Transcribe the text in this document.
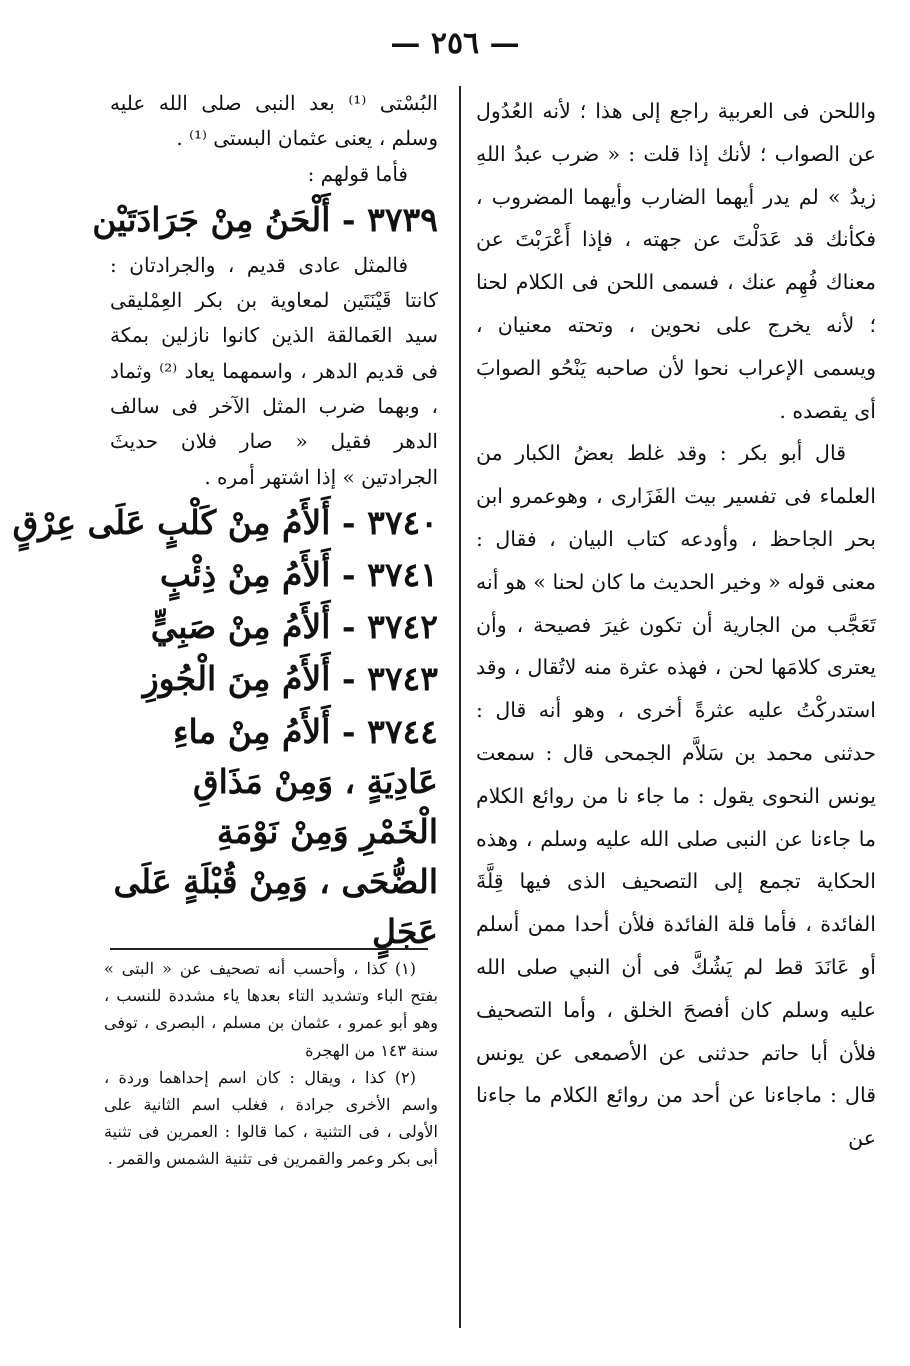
— ٢٥٦ —

واللحن فى العربية راجع إلى هذا ؛ لأنه العُدُول عن الصواب ؛ لأنك إذا قلت : « ضرب عبدُ اللهِ زيدُ » لم يدر أيهما الضارب وأيهما المضروب ، فكأنك قد عَدَلْتَ عن جهته ، فإذا أَعْرَبْتَ عن معناك فُهِم عنك ، فسمى اللحن فى الكلام لحنا ؛ لأنه يخرج على نحوين ، وتحته معنيان ، ويسمى الإعراب نحوا لأن صاحبه يَنْحُو الصوابَ أى يقصده .

قال أبو بكر : وقد غلط بعضُ الكبار من العلماء فى تفسير بيت الفَزَارى ، وهوعمرو ابن بحر الجاحظ ، وأودعه كتاب البيان ، فقال : معنى قوله « وخير الحديث ما كان لحنا » هو أنه تَعَجَّب من الجارية أن تكون غيرَ فصيحة ، وأن يعترى كلامَها لحن ، فهذه عثرة منه لاتُقال ، وقد استدركْتُ عليه عثرةً أخرى ، وهو أنه قال : حدثنى محمد بن سَلاَّم الجمحى قال : سمعت يونس النحوى يقول : ما جاء نا من روائع الكلام ما جاءنا عن النبى صلى الله عليه وسلم ، وهذه الحكاية تجمع إلى التصحيف الذى فيها قِلَّةَ الفائدة ، فأما قلة الفائدة فلأن أحدا ممن أسلم أو عَانَدَ قط لم يَشُكَّ فى أن النبي صلى الله عليه وسلم كان أفصحَ الخلق ، وأما التصحيف فلأن أبا حاتم حدثنى عن الأصمعى عن يونس قال : ماجاءنا عن أحد من روائع الكلام ما جاءنا عن

البُسْتى ⁽¹⁾ بعد النبى صلى الله عليه وسلم ، يعنى عثمان البستى ⁽¹⁾ .

فأما قولهم :

٣٧٣٩ - أَلْحَنُ مِنْ جَرَادَتَيْن

فالمثل عادى قديم ، والجرادتان : كانتا قَيْنَتَين لمعاوية بن بكر العِمْليقى سيد العَمالقة الذين كانوا نازلين بمكة فى قديم الدهر ، واسمهما يعاد ⁽²⁾ وثماد ، وبهما ضرب المثل الآخر فى سالف الدهر فقيل « صار فلان حديثَ الجرادتين » إذا اشتهر أمره .

٣٧٤٠ - أَلأَمُ مِنْ كَلْبٍ عَلَى عِرْقٍ
٣٧٤١ - أَلأَمُ مِنْ ذِئْبٍ
٣٧٤٢ - أَلأَمُ مِنْ صَبِيٍّ
٣٧٤٣ - أَلأَمُ مِنَ الْجُوزِ
٣٧٤٤ - أَلأَمُ مِنْ ماءِ عَادِيَةٍ ، وَمِنْ مَذَاقِ الْخَمْرِ وَمِنْ نَوْمَةِ الضُّحَى ، وَمِنْ قُبْلَةٍ عَلَى عَجَلٍ

(١) كذا ، وأحسب أنه تصحيف عن « البتى » بفتح الباء وتشديد التاء بعدها ياء مشددة للنسب ، وهو أبو عمرو ، عثمان بن مسلم ، البصرى ، توفى سنة ١٤٣ من الهجرة

(٢) كذا ، ويقال : كان اسم إحداهما وردة ، واسم الأخرى جرادة ، فغلب اسم الثانية على الأولى ، فى التثنية ، كما قالوا : العمرين فى تثنية أبى بكر وعمر والقمرين فى تثنية الشمس والقمر .
